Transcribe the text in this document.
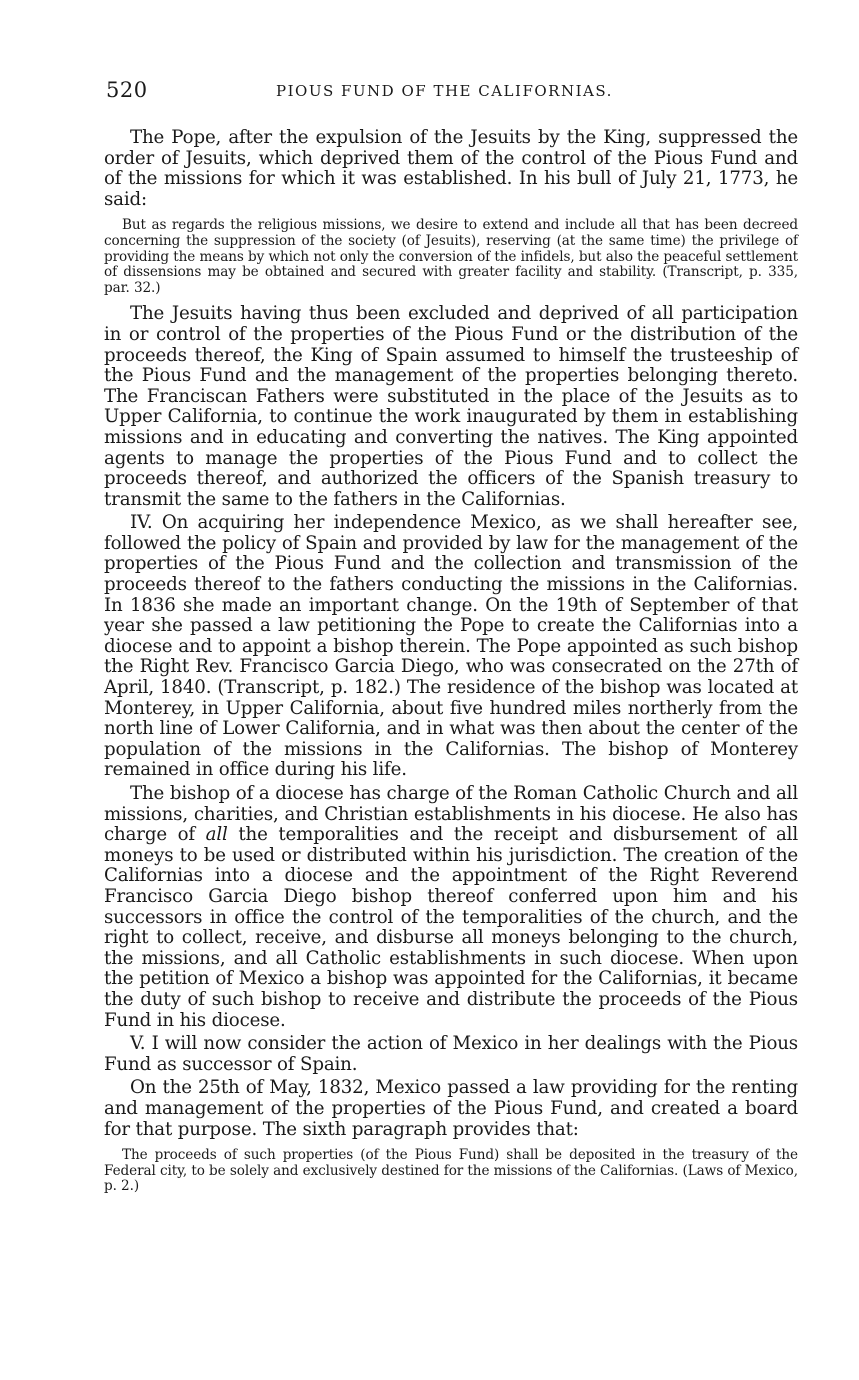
520	PIOUS FUND OF THE CALIFORNIAS.

The Pope, after the expulsion of the Jesuits by the King, suppressed the order of Jesuits, which deprived them of the control of the Pious Fund and of the missions for which it was established. In his bull of July 21, 1773, he said:

But as regards the religious missions, we desire to extend and include all that has been decreed concerning the suppression of the society (of Jesuits), reserving (at the same time) the privilege of providing the means by which not only the conversion of the infidels, but also the peaceful settlement of dissensions may be obtained and secured with greater facility and stability. (Transcript, p. 335, par. 32.)

The Jesuits having thus been excluded and deprived of all participation in or control of the properties of the Pious Fund or the distribution of the proceeds thereof, the King of Spain assumed to himself the trusteeship of the Pious Fund and the management of the properties belonging thereto. The Franciscan Fathers were substituted in the place of the Jesuits as to Upper California, to continue the work inaugurated by them in establishing missions and in educating and converting the natives. The King appointed agents to manage the properties of the Pious Fund and to collect the proceeds thereof, and authorized the officers of the Spanish treasury to transmit the same to the fathers in the Californias.

IV. On acquiring her independence Mexico, as we shall hereafter see, followed the policy of Spain and provided by law for the management of the properties of the Pious Fund and the collection and transmission of the proceeds thereof to the fathers conducting the missions in the Californias. In 1836 she made an important change. On the 19th of September of that year she passed a law petitioning the Pope to create the Californias into a diocese and to appoint a bishop therein. The Pope appointed as such bishop the Right Rev. Francisco Garcia Diego, who was consecrated on the 27th of April, 1840. (Transcript, p. 182.) The residence of the bishop was located at Monterey, in Upper California, about five hundred miles northerly from the north line of Lower California, and in what was then about the center of the population of the missions in the Californias. The bishop of Monterey remained in office during his life.

The bishop of a diocese has charge of the Roman Catholic Church and all missions, charities, and Christian establishments in his diocese. He also has charge of all the temporalities and the receipt and disbursement of all moneys to be used or distributed within his jurisdiction. The creation of the Californias into a diocese and the appointment of the Right Reverend Francisco Garcia Diego bishop thereof conferred upon him and his successors in office the control of the temporalities of the church, and the right to collect, receive, and disburse all moneys belonging to the church, the missions, and all Catholic establishments in such diocese. When upon the petition of Mexico a bishop was appointed for the Californias, it became the duty of such bishop to receive and distribute the proceeds of the Pious Fund in his diocese.

V. I will now consider the action of Mexico in her dealings with the Pious Fund as successor of Spain.

On the 25th of May, 1832, Mexico passed a law providing for the renting and management of the properties of the Pious Fund, and created a board for that purpose. The sixth paragraph provides that:

The proceeds of such properties (of the Pious Fund) shall be deposited in the treasury of the Federal city, to be solely and exclusively destined for the missions of the Californias. (Laws of Mexico, p. 2.)
